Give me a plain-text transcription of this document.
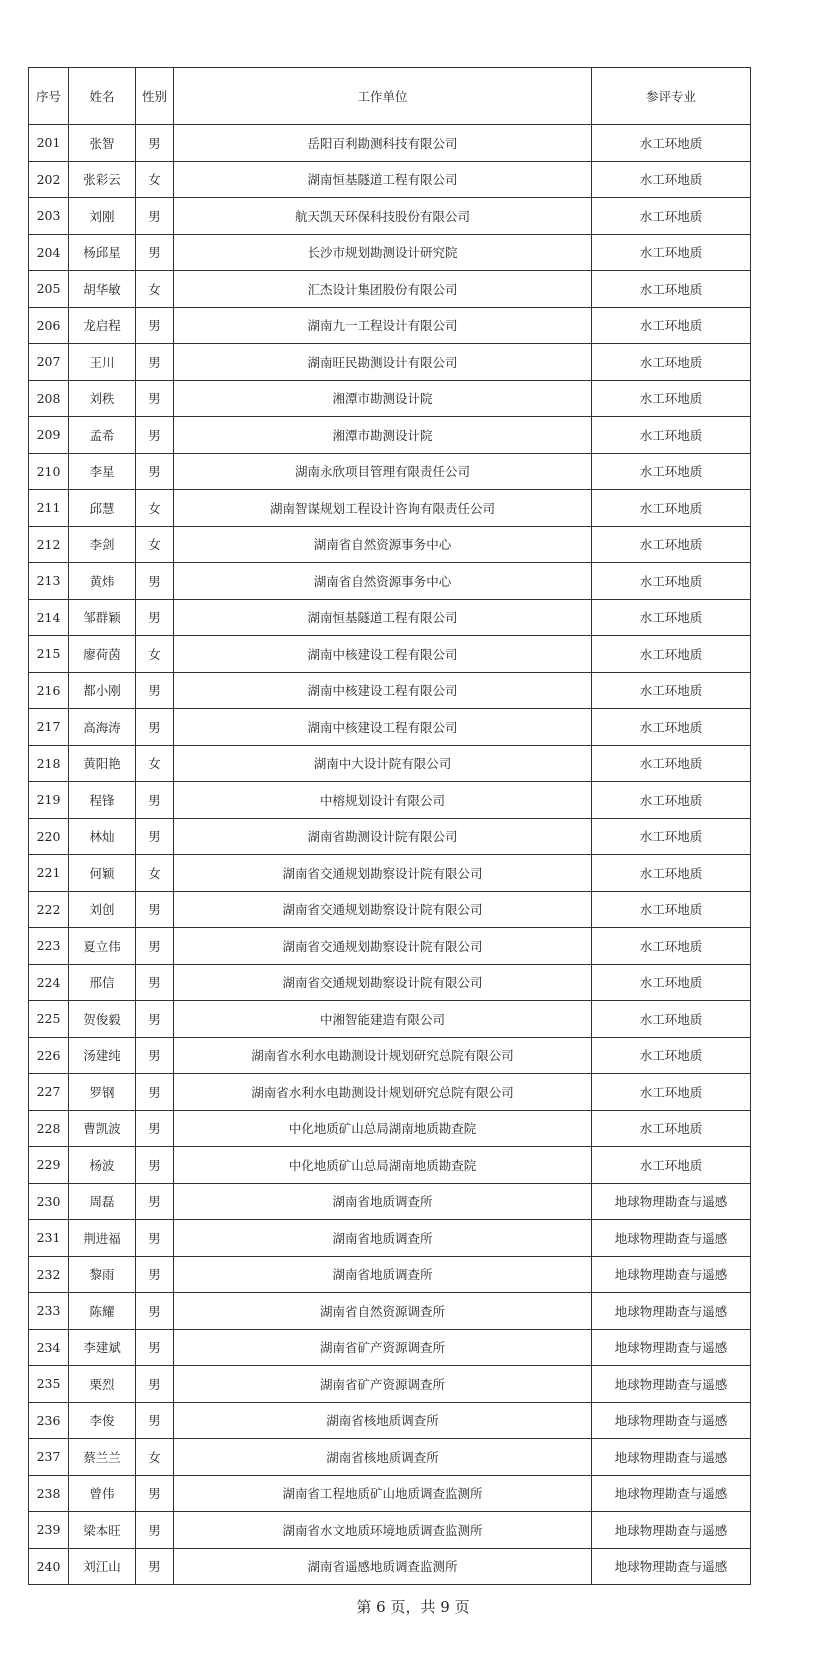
序号	姓名	性别	工作单位	参评专业
201	张智	男	岳阳百利勘测科技有限公司	水工环地质
202	张彩云	女	湖南恒基隧道工程有限公司	水工环地质
203	刘刚	男	航天凯天环保科技股份有限公司	水工环地质
204	杨邱星	男	长沙市规划勘测设计研究院	水工环地质
205	胡华敏	女	汇杰设计集团股份有限公司	水工环地质
206	龙启程	男	湖南九一工程设计有限公司	水工环地质
207	王川	男	湖南旺民勘测设计有限公司	水工环地质
208	刘秩	男	湘潭市勘测设计院	水工环地质
209	孟希	男	湘潭市勘测设计院	水工环地质
210	李星	男	湖南永欣项目管理有限责任公司	水工环地质
211	邱慧	女	湖南智谋规划工程设计咨询有限责任公司	水工环地质
212	李剑	女	湖南省自然资源事务中心	水工环地质
213	黄炜	男	湖南省自然资源事务中心	水工环地质
214	邹群颖	男	湖南恒基隧道工程有限公司	水工环地质
215	廖荷茵	女	湖南中核建设工程有限公司	水工环地质
216	都小刚	男	湖南中核建设工程有限公司	水工环地质
217	高海涛	男	湖南中核建设工程有限公司	水工环地质
218	黄阳艳	女	湖南中大设计院有限公司	水工环地质
219	程锋	男	中榕规划设计有限公司	水工环地质
220	林灿	男	湖南省勘测设计院有限公司	水工环地质
221	何颖	女	湖南省交通规划勘察设计院有限公司	水工环地质
222	刘创	男	湖南省交通规划勘察设计院有限公司	水工环地质
223	夏立伟	男	湖南省交通规划勘察设计院有限公司	水工环地质
224	邢信	男	湖南省交通规划勘察设计院有限公司	水工环地质
225	贺俊毅	男	中湘智能建造有限公司	水工环地质
226	汤建纯	男	湖南省水利水电勘测设计规划研究总院有限公司	水工环地质
227	罗钢	男	湖南省水利水电勘测设计规划研究总院有限公司	水工环地质
228	曹凯波	男	中化地质矿山总局湖南地质勘查院	水工环地质
229	杨波	男	中化地质矿山总局湖南地质勘查院	水工环地质
230	周磊	男	湖南省地质调查所	地球物理勘查与遥感
231	荆进福	男	湖南省地质调查所	地球物理勘查与遥感
232	黎雨	男	湖南省地质调查所	地球物理勘查与遥感
233	陈耀	男	湖南省自然资源调查所	地球物理勘查与遥感
234	李建斌	男	湖南省矿产资源调查所	地球物理勘查与遥感
235	栗烈	男	湖南省矿产资源调查所	地球物理勘查与遥感
236	李俊	男	湖南省核地质调查所	地球物理勘查与遥感
237	蔡兰兰	女	湖南省核地质调查所	地球物理勘查与遥感
238	曾伟	男	湖南省工程地质矿山地质调查监测所	地球物理勘查与遥感
239	梁本旺	男	湖南省水文地质环境地质调查监测所	地球物理勘查与遥感
240	刘江山	男	湖南省遥感地质调查监测所	地球物理勘查与遥感
第 6 页，共 9 页
